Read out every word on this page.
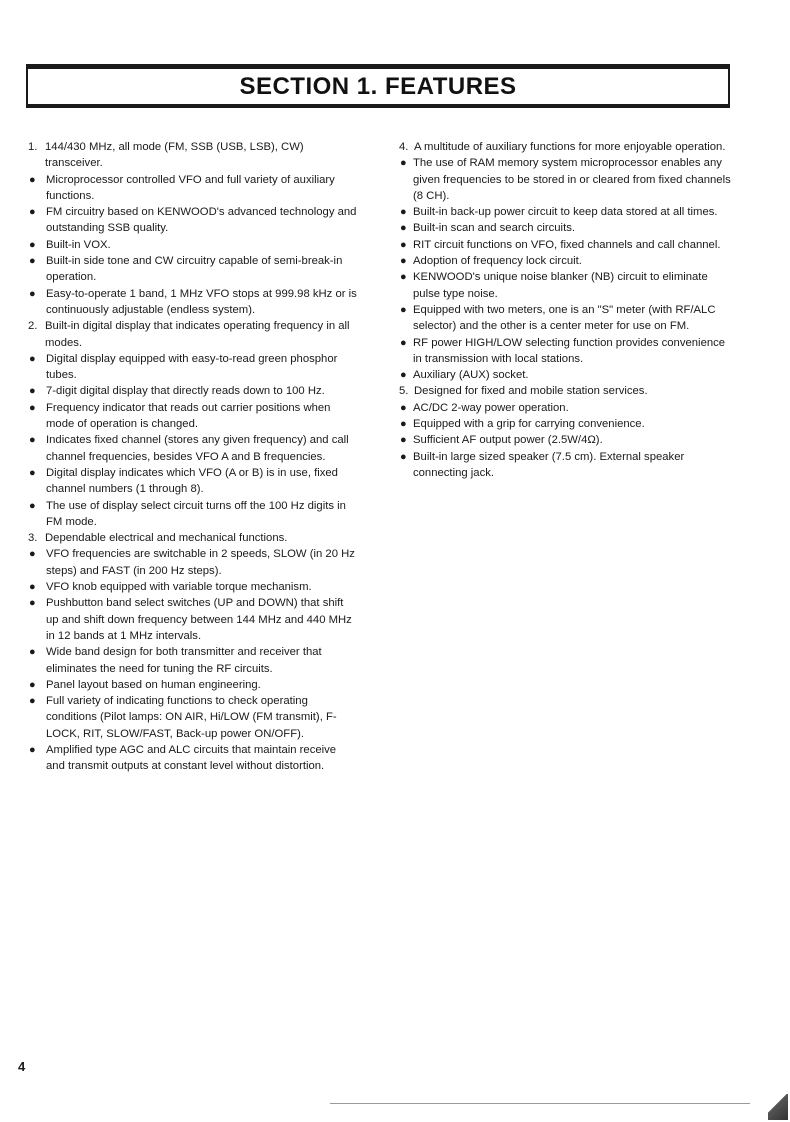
SECTION 1. FEATURES
1. 144/430 MHz, all mode (FM, SSB (USB, LSB), CW) transceiver.
● Microprocessor controlled VFO and full variety of auxiliary functions.
● FM circuitry based on KENWOOD's advanced technology and outstanding SSB quality.
● Built-in VOX.
● Built-in side tone and CW circuitry capable of semi-break-in operation.
● Easy-to-operate 1 band, 1 MHz VFO stops at 999.98 kHz or is continuously adjustable (endless system).
2. Built-in digital display that indicates operating frequency in all modes.
● Digital display equipped with easy-to-read green phosphor tubes.
● 7-digit digital display that directly reads down to 100 Hz.
● Frequency indicator that reads out carrier positions when mode of operation is changed.
● Indicates fixed channel (stores any given frequency) and call channel frequencies, besides VFO A and B frequencies.
● Digital display indicates which VFO (A or B) is in use, fixed channel numbers (1 through 8).
● The use of display select circuit turns off the 100 Hz digits in FM mode.
3. Dependable electrical and mechanical functions.
● VFO frequencies are switchable in 2 speeds, SLOW (in 20 Hz steps) and FAST (in 200 Hz steps).
● VFO knob equipped with variable torque mechanism.
● Pushbutton band select switches (UP and DOWN) that shift up and shift down frequency between 144 MHz and 440 MHz in 12 bands at 1 MHz intervals.
● Wide band design for both transmitter and receiver that eliminates the need for tuning the RF circuits.
● Panel layout based on human engineering.
● Full variety of indicating functions to check operating conditions (Pilot lamps: ON AIR, Hi/LOW (FM transmit), F-LOCK, RIT, SLOW/FAST, Back-up power ON/OFF).
● Amplified type AGC and ALC circuits that maintain receive and transmit outputs at constant level without distortion.
4. A multitude of auxiliary functions for more enjoyable operation.
● The use of RAM memory system microprocessor enables any given frequencies to be stored in or cleared from fixed channels (8 CH).
● Built-in back-up power circuit to keep data stored at all times.
● Built-in scan and search circuits.
● RIT circuit functions on VFO, fixed channels and call channel.
● Adoption of frequency lock circuit.
● KENWOOD's unique noise blanker (NB) circuit to eliminate pulse type noise.
● Equipped with two meters, one is an "S" meter (with RF/ALC selector) and the other is a center meter for use on FM.
● RF power HIGH/LOW selecting function provides convenience in transmission with local stations.
● Auxiliary (AUX) socket.
5. Designed for fixed and mobile station services.
● AC/DC 2-way power operation.
● Equipped with a grip for carrying convenience.
● Sufficient AF output power (2.5W/4Ω).
● Built-in large sized speaker (7.5 cm). External speaker connecting jack.
4
